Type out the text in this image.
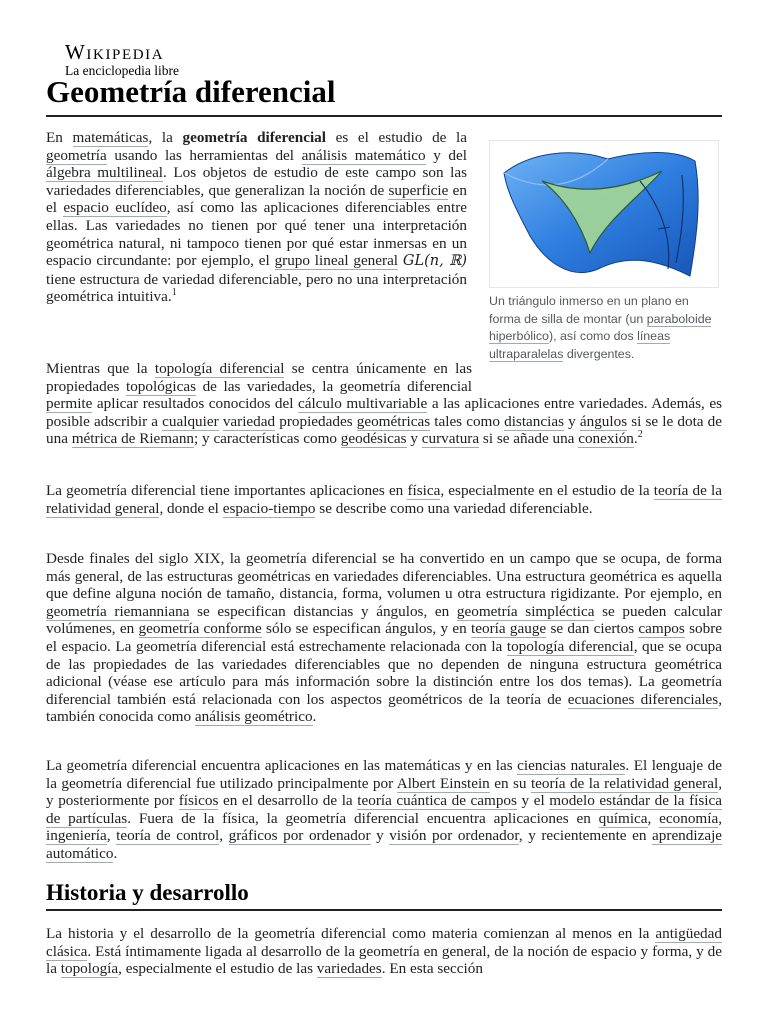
Wikipedia
La enciclopedia libre
Geometría diferencial
Un triángulo inmerso en un plano en forma de silla de montar (un paraboloide hiperbólico), así como dos líneas ultraparalelas divergentes.

En matemáticas, la geometría diferencial es el estudio de la geometría usando las herramientas del análisis matemático y del álgebra multilineal. Los objetos de estudio de este campo son las variedades diferenciables, que generalizan la noción de superficie en el espacio euclídeo, así como las aplicaciones diferenciables entre ellas. Las variedades no tienen por qué tener una interpretación geométrica natural, ni tampoco tienen por qué estar inmersas en un espacio circundante: por ejemplo, el grupo lineal general GL(n, ℝ) tiene estructura de variedad diferenciable, pero no una interpretación geométrica intuitiva.$^1$

Mientras que la topología diferencial se centra únicamente en las propiedades topológicas de las variedades, la geometría diferencial permite aplicar resultados conocidos del cálculo multivariable a las aplicaciones entre variedades. Además, es posible adscribir a cualquier variedad propiedades geométricas tales como distancias y ángulos si se le dota de una métrica de Riemann; y características como geodésicas y curvatura si se añade una conexión.$^2$

La geometría diferencial tiene importantes aplicaciones en física, especialmente en el estudio de la teoría de la relatividad general, donde el espacio-tiempo se describe como una variedad diferenciable.

Desde finales del siglo XIX, la geometría diferencial se ha convertido en un campo que se ocupa, de forma más general, de las estructuras geométricas en variedades diferenciables. Una estructura geométrica es aquella que define alguna noción de tamaño, distancia, forma, volumen u otra estructura rigidizante. Por ejemplo, en geometría riemanniana se especifican distancias y ángulos, en geometría simpléctica se pueden calcular volúmenes, en geometría conforme sólo se especifican ángulos, y en teoría gauge se dan ciertos campos sobre el espacio. La geometría diferencial está estrechamente relacionada con la topología diferencial, que se ocupa de las propiedades de las variedades diferenciables que no dependen de ninguna estructura geométrica adicional (véase ese artículo para más información sobre la distinción entre los dos temas). La geometría diferencial también está relacionada con los aspectos geométricos de la teoría de ecuaciones diferenciales, también conocida como análisis geométrico.

La geometría diferencial encuentra aplicaciones en las matemáticas y en las ciencias naturales. El lenguaje de la geometría diferencial fue utilizado principalmente por Albert Einstein en su teoría de la relatividad general, y posteriormente por físicos en el desarrollo de la teoría cuántica de campos y el modelo estándar de la física de partículas. Fuera de la física, la geometría diferencial encuentra aplicaciones en química, economía, ingeniería, teoría de control, gráficos por ordenador y visión por ordenador, y recientemente en aprendizaje automático.

Historia y desarrollo

La historia y el desarrollo de la geometría diferencial como materia comienzan al menos en la antigüedad clásica. Está íntimamente ligada al desarrollo de la geometría en general, de la noción de espacio y forma, y de la topología, especialmente el estudio de las variedades. En esta sección
